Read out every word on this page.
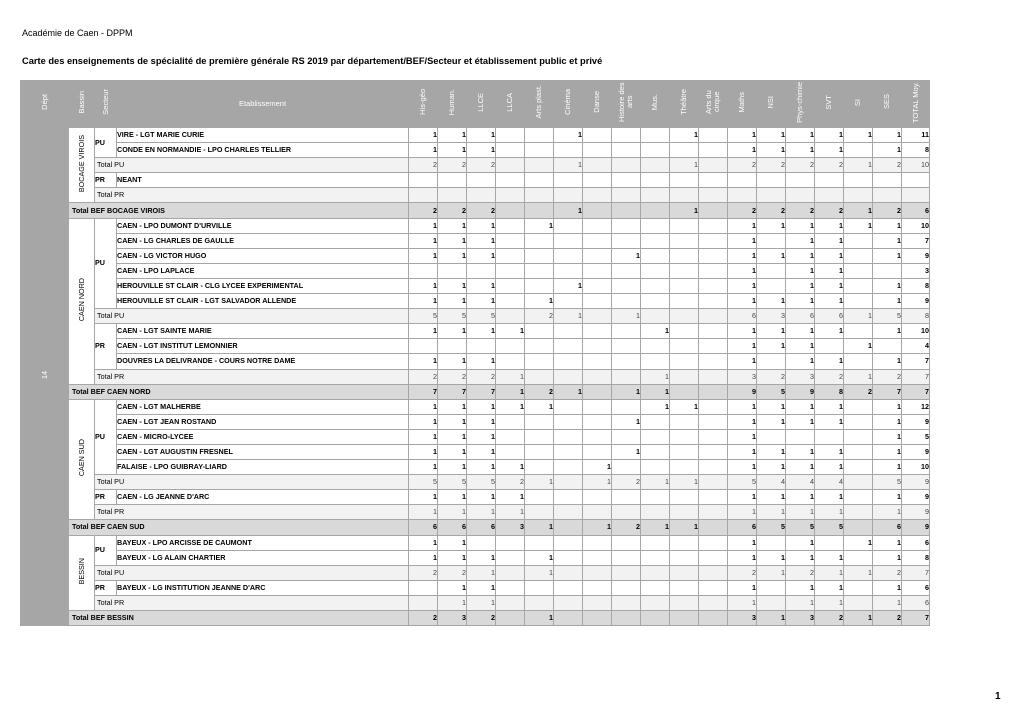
Académie de Caen - DPPM
Carte des enseignements de spécialité de première générale RS 2019 par département/BEF/Secteur et établissement public et privé
Dépt	Bassin	Secteur	Etablissement	His-géo	Human.	LLCE	LLCA	Arts plast.	Cinéma	Danse	Histoire des arts	Mus.	Théâtre	Arts du cirque	Maths	NSI	Phys-chimie	SVT	SI	SES	TOTAL Moy.
14	BOCAGE VIROIS	PU	VIRE - LGT MARIE CURIE	1	1	1			1				1		1	1	1	1	1	1	11
			CONDE EN NORMANDIE - LPO CHARLES TELLIER	1	1	1									1	1	1	1		1	8
		Total PU		2	2	2			1				1		2	2	2	2	1	2	10
		PR	NEANT																		
		Total PR																			
	Total BEF BOCAGE VIROIS			2	2	2			1				1		2	2	2	2	1	2	6
	CAEN NORD	PU	CAEN - LPO DUMONT D'URVILLE	1	1	1		1							1	1	1	1	1	1	10
			CAEN - LG CHARLES DE GAULLE	1	1	1									1		1	1		1	7
			CAEN - LG VICTOR HUGO	1	1	1					1				1	1	1	1		1	9
			CAEN - LPO LAPLACE												1		1	1			3
			HEROUVILLE ST CLAIR - CLG LYCEE EXPERIMENTAL	1	1	1			1						1		1	1		1	8
			HEROUVILLE ST CLAIR - LGT SALVADOR ALLENDE	1	1	1		1							1	1	1	1		1	9
		Total PU		5	5	5		2	1		1				6	3	6	6	1	5	8
		PR	CAEN - LGT SAINTE MARIE	1	1	1	1					1			1	1	1	1		1	10
			CAEN - LGT INSTITUT LEMONNIER												1	1	1		1		4
			DOUVRES LA DELIVRANDE - COURS NOTRE DAME	1	1	1									1		1	1		1	7
		Total PR		2	2	2	1					1			3	2	3	2	1	2	7
	Total BEF CAEN NORD			7	7	7	1	2	1		1	1			9	5	9	8	2	7	7
	CAEN SUD	PU	CAEN - LGT MALHERBE	1	1	1	1	1				1	1		1	1	1	1		1	12
			CAEN - LGT JEAN ROSTAND	1	1	1					1				1	1	1	1		1	9
			CAEN - MICRO-LYCEE	1	1	1									1					1	5
			CAEN - LGT AUGUSTIN FRESNEL	1	1	1					1				1	1	1	1		1	9
			FALAISE - LPO GUIBRAY-LIARD	1	1	1	1			1					1	1	1	1		1	10
		Total PU		5	5	5	2	1		1	2	1	1		5	4	4	4		5	9
		PR	CAEN - LG JEANNE D'ARC	1	1	1	1								1	1	1	1		1	9
		Total PR		1	1	1	1								1	1	1	1		1	9
	Total BEF CAEN SUD			6	6	6	3	1		1	2	1	1		6	5	5	5		6	9
	BESSIN	PU	BAYEUX - LPO ARCISSE DE CAUMONT	1	1										1		1		1	1	6
			BAYEUX - LG ALAIN CHARTIER	1	1	1		1							1	1	1	1		1	8
		Total PU		2	2	1		1							2	1	2	1	1	2	7
		PR	BAYEUX - LG INSTITUTION JEANNE D'ARC		1	1									1		1	1		1	6
		Total PR			1	1									1		1	1		1	6
	Total BEF BESSIN			2	3	2		1							3	1	3	2	1	2	7
1
